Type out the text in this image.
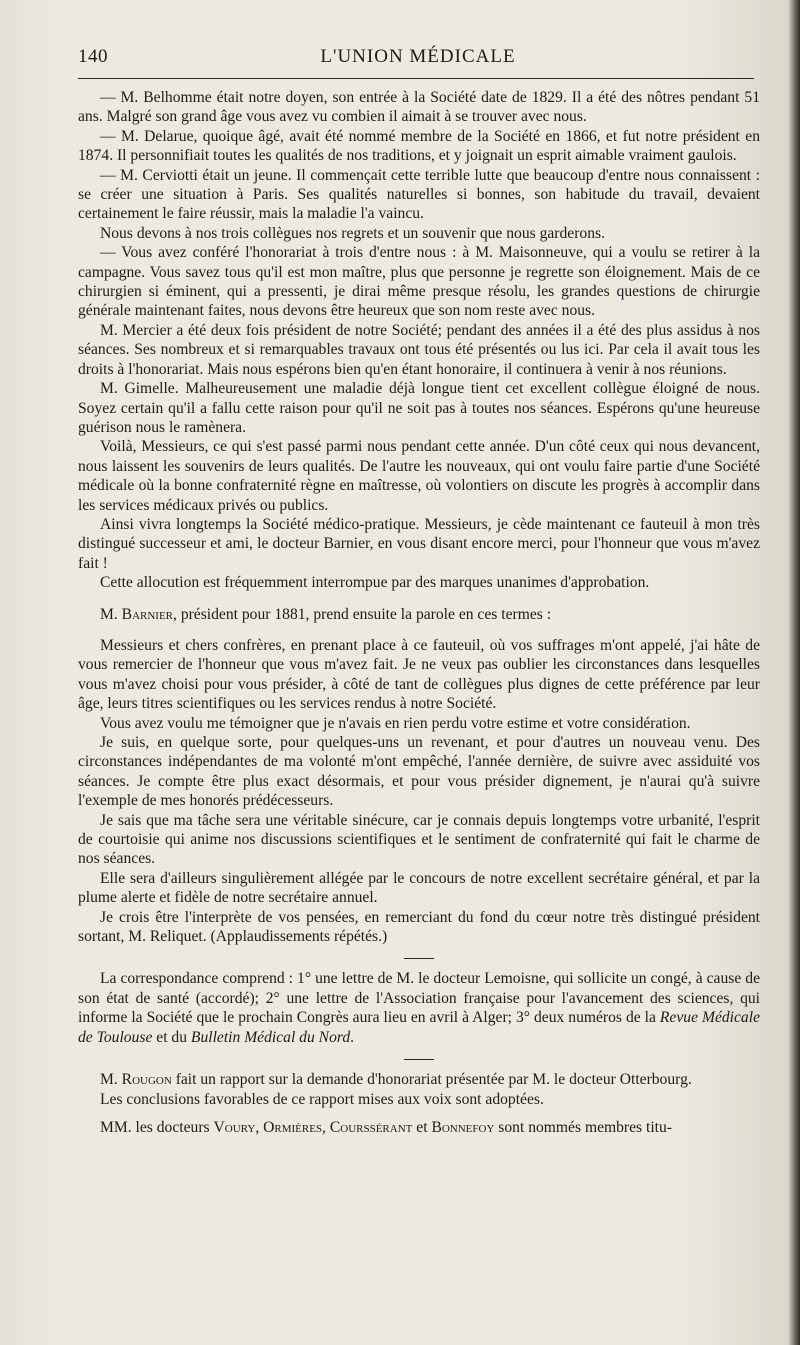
140	L'UNION MÉDICALE

— M. Belhomme était notre doyen, son entrée à la Société date de 1829. Il a été des nôtres pendant 51 ans. Malgré son grand âge vous avez vu combien il aimait à se trouver avec nous.

— M. Delarue, quoique âgé, avait été nommé membre de la Société en 1866, et fut notre président en 1874. Il personnifiait toutes les qualités de nos traditions, et y joignait un esprit aimable vraiment gaulois.

— M. Cerviotti était un jeune. Il commençait cette terrible lutte que beaucoup d'entre nous connaissent : se créer une situation à Paris. Ses qualités naturelles si bonnes, son habitude du travail, devaient certainement le faire réussir, mais la maladie l'a vaincu.

Nous devons à nos trois collègues nos regrets et un souvenir que nous garderons.

— Vous avez conféré l'honorariat à trois d'entre nous : à M. Maisonneuve, qui a voulu se retirer à la campagne. Vous savez tous qu'il est mon maître, plus que personne je regrette son éloignement. Mais de ce chirurgien si éminent, qui a pressenti, je dirai même presque résolu, les grandes questions de chirurgie générale maintenant faites, nous devons être heureux que son nom reste avec nous.

M. Mercier a été deux fois président de notre Société; pendant des années il a été des plus assidus à nos séances. Ses nombreux et si remarquables travaux ont tous été présentés ou lus ici. Par cela il avait tous les droits à l'honorariat. Mais nous espérons bien qu'en étant honoraire, il continuera à venir à nos réunions.

M. Gimelle. Malheureusement une maladie déjà longue tient cet excellent collègue éloigné de nous. Soyez certain qu'il a fallu cette raison pour qu'il ne soit pas à toutes nos séances. Espérons qu'une heureuse guérison nous le ramènera.

Voilà, Messieurs, ce qui s'est passé parmi nous pendant cette année. D'un côté ceux qui nous devancent, nous laissent les souvenirs de leurs qualités. De l'autre les nouveaux, qui ont voulu faire partie d'une Société médicale où la bonne confraternité règne en maîtresse, où volontiers on discute les progrès à accomplir dans les services médicaux privés ou publics.

Ainsi vivra longtemps la Société médico-pratique. Messieurs, je cède maintenant ce fauteuil à mon très distingué successeur et ami, le docteur Barnier, en vous disant encore merci, pour l'honneur que vous m'avez fait !

Cette allocution est fréquemment interrompue par des marques unanimes d'approbation.

M. Barnier, président pour 1881, prend ensuite la parole en ces termes :

Messieurs et chers confrères, en prenant place à ce fauteuil, où vos suffrages m'ont appelé, j'ai hâte de vous remercier de l'honneur que vous m'avez fait. Je ne veux pas oublier les circonstances dans lesquelles vous m'avez choisi pour vous présider, à côté de tant de collègues plus dignes de cette préférence par leur âge, leurs titres scientifiques ou les services rendus à notre Société.

Vous avez voulu me témoigner que je n'avais en rien perdu votre estime et votre considération.

Je suis, en quelque sorte, pour quelques-uns un revenant, et pour d'autres un nouveau venu. Des circonstances indépendantes de ma volonté m'ont empêché, l'année dernière, de suivre avec assiduité vos séances. Je compte être plus exact désormais, et pour vous présider dignement, je n'aurai qu'à suivre l'exemple de mes honorés prédécesseurs.

Je sais que ma tâche sera une véritable sinécure, car je connais depuis longtemps votre urbanité, l'esprit de courtoisie qui anime nos discussions scientifiques et le sentiment de confraternité qui fait le charme de nos séances.

Elle sera d'ailleurs singulièrement allégée par le concours de notre excellent secrétaire général, et par la plume alerte et fidèle de notre secrétaire annuel.

Je crois être l'interprète de vos pensées, en remerciant du fond du cœur notre très distingué président sortant, M. Reliquet. (Applaudissements répétés.)

La correspondance comprend : 1° une lettre de M. le docteur Lemoisne, qui sollicite un congé, à cause de son état de santé (accordé); 2° une lettre de l'Association française pour l'avancement des sciences, qui informe la Société que le prochain Congrès aura lieu en avril à Alger; 3° deux numéros de la Revue Médicale de Toulouse et du Bulletin Médical du Nord.

M. Rougon fait un rapport sur la demande d'honorariat présentée par M. le docteur Otterbourg.

Les conclusions favorables de ce rapport mises aux voix sont adoptées.

MM. les docteurs Voury, Ormières, Courssérant et Bonnefoy sont nommés membres titu-
